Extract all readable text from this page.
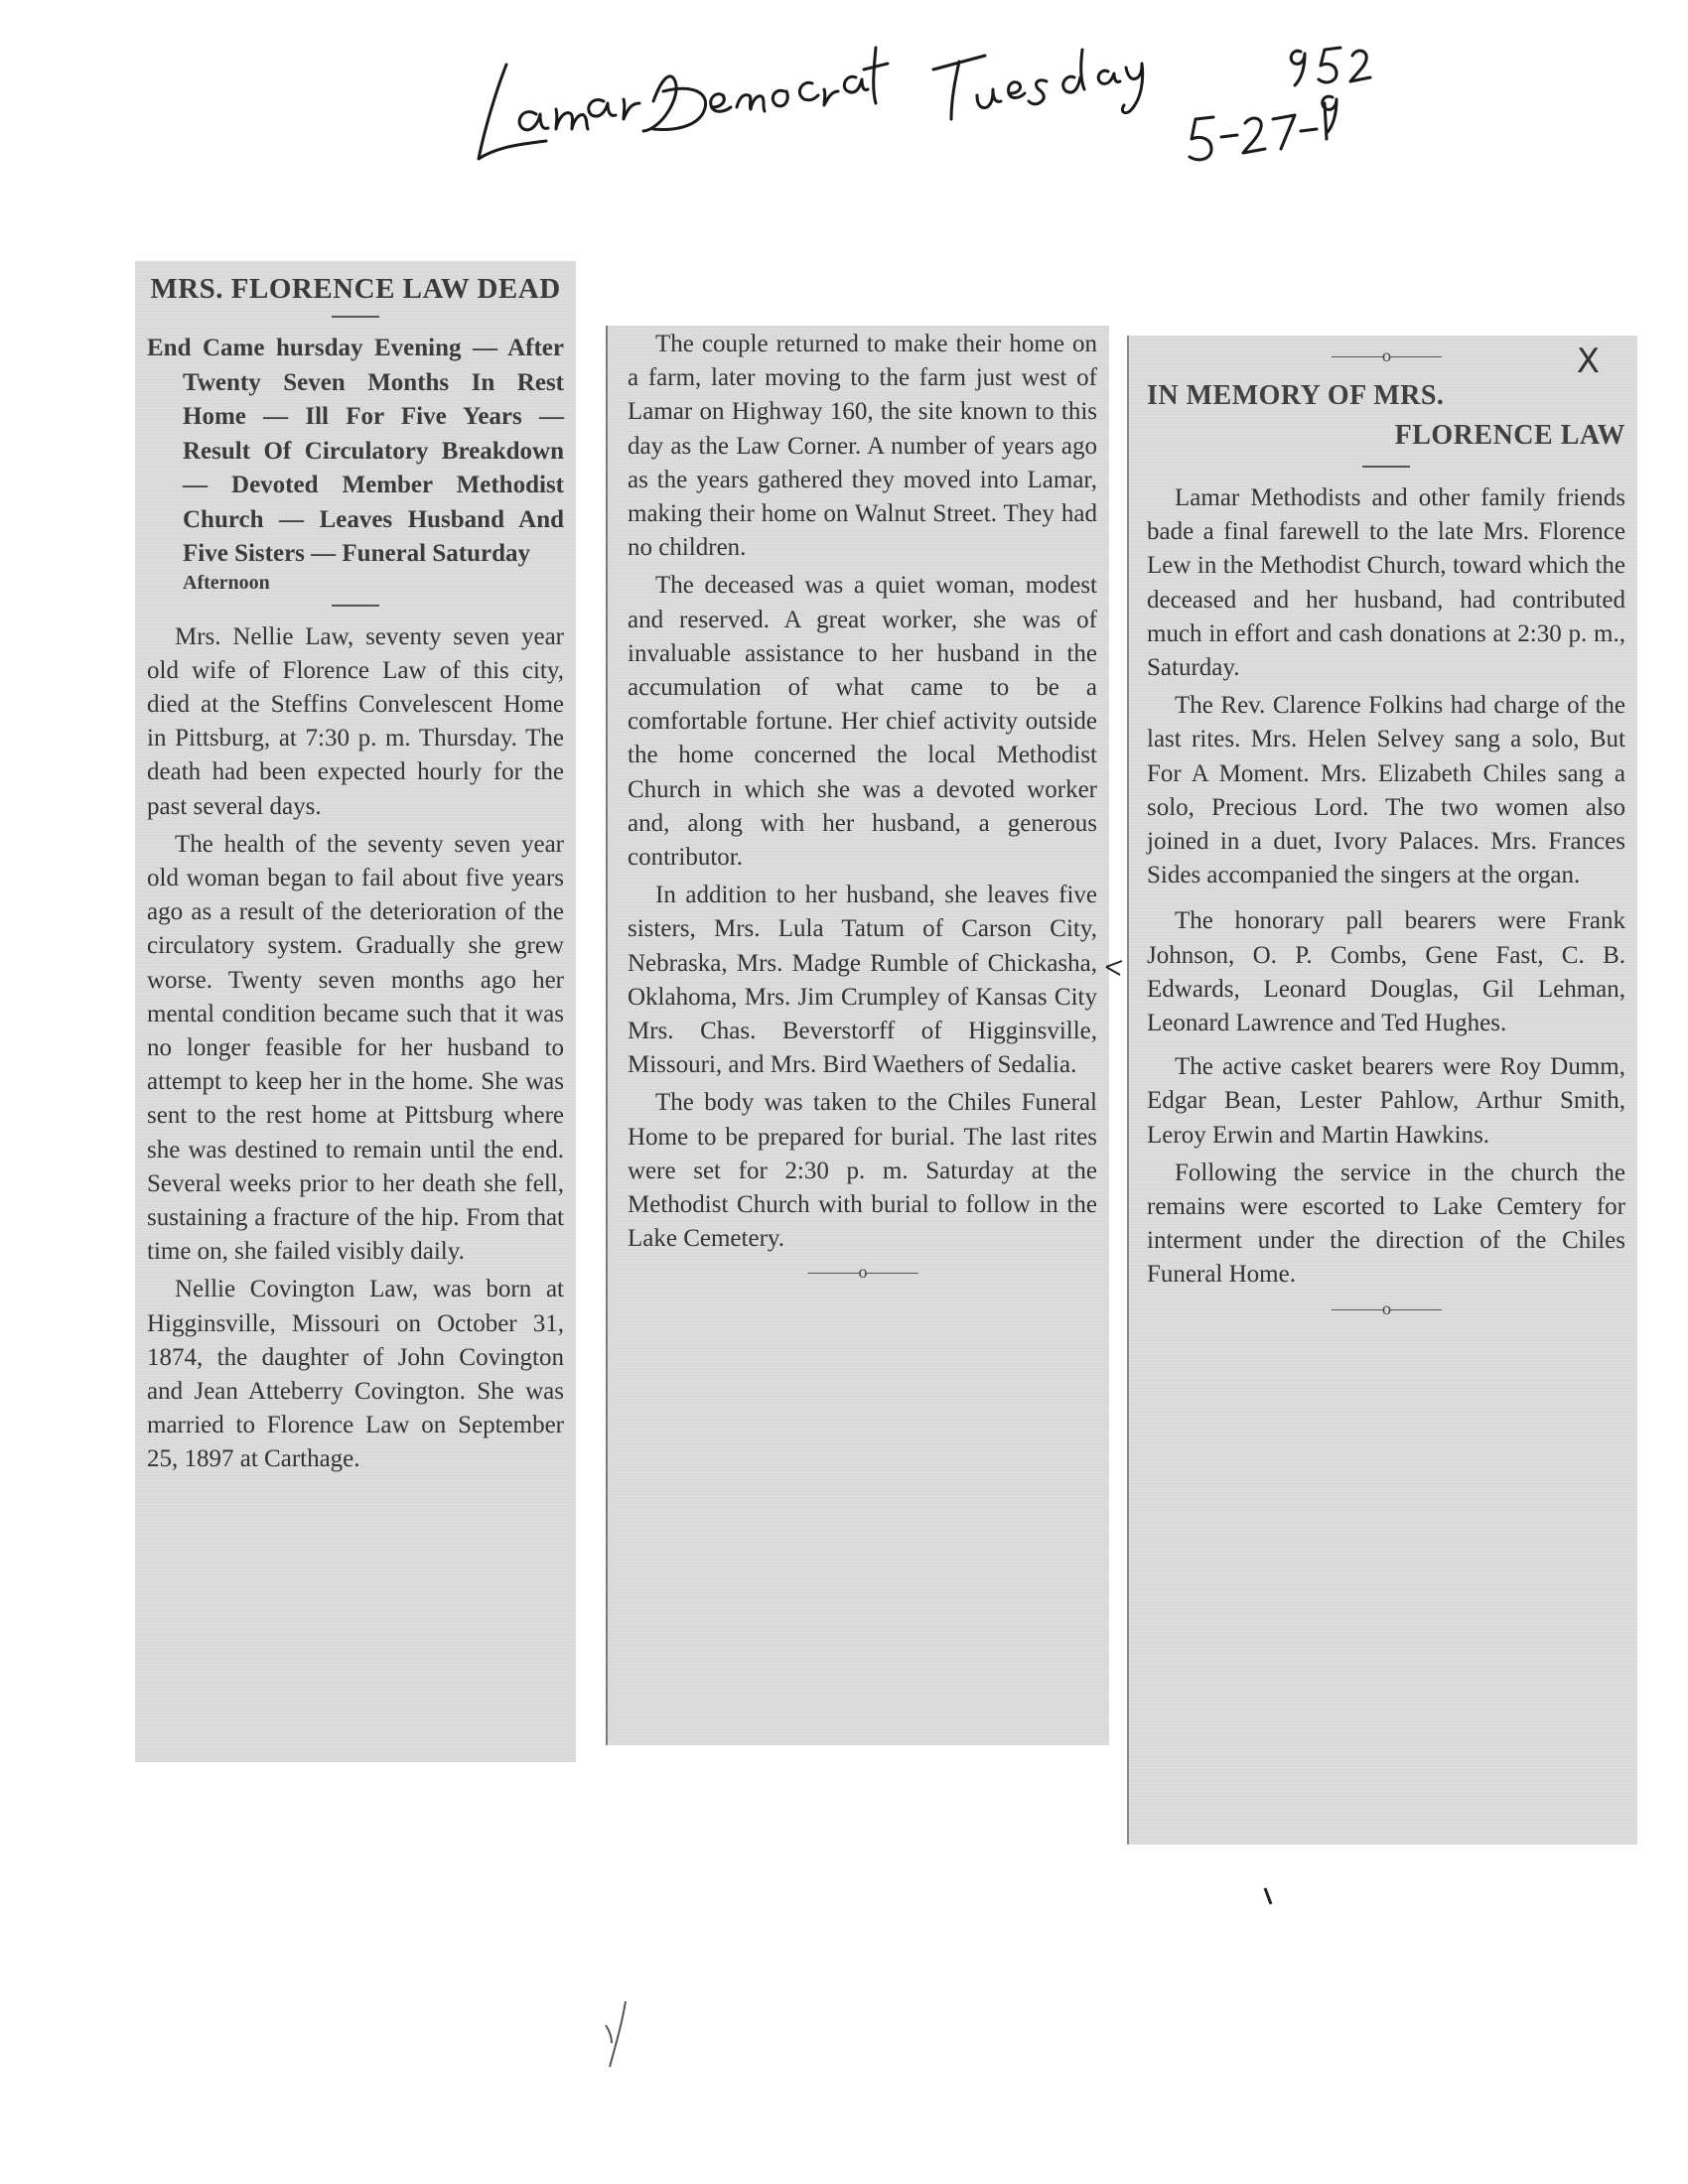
MRS. FLORENCE LAW DEAD
End Came hursday Evening — After Twenty Seven Months In Rest Home — Ill For Five Years — Result Of Circulatory Breakdown — Devoted Member Methodist Church — Leaves Husband And Five Sisters — Funeral Saturday
Afternoon

Mrs. Nellie Law, seventy seven year old wife of Florence Law of this city, died at the Steffins Convelescent Home in Pittsburg, at 7:30 p. m. Thursday. The death had been expected hourly for the past several days.

The health of the seventy seven year old woman began to fail about five years ago as a result of the deterioration of the circulatory system. Gradually she grew worse. Twenty seven months ago her mental condition became such that it was no longer feasible for her husband to attempt to keep her in the home. She was sent to the rest home at Pittsburg where she was destined to remain until the end. Several weeks prior to her death she fell, sustaining a fracture of the hip. From that time on, she failed visibly daily.

Nellie Covington Law, was born at Higginsville, Missouri on October 31, 1874, the daughter of John Covington and Jean Atteberry Covington. She was married to Florence Law on September 25, 1897 at Carthage.

The couple returned to make their home on a farm, later moving to the farm just west of Lamar on Highway 160, the site known to this day as the Law Corner. A number of years ago as the years gathered they moved into Lamar, making their home on Walnut Street. They had no children.

The deceased was a quiet woman, modest and reserved. A great worker, she was of invaluable assistance to her husband in the accumulation of what came to be a comfortable fortune. Her chief activity outside the home concerned the local Methodist Church in which she was a devoted worker and, along with her husband, a generous contributor.

In addition to her husband, she leaves five sisters, Mrs. Lula Tatum of Carson City, Nebraska, Mrs. Madge Rumble of Chickasha, Oklahoma, Mrs. Jim Crumpley of Kansas City Mrs. Chas. Beverstorff of Higginsville, Missouri, and Mrs. Bird Waethers of Sedalia.

The body was taken to the Chiles Funeral Home to be prepared for burial. The last rites were set for 2:30 p. m. Saturday at the Methodist Church with burial to follow in the Lake Cemetery.

———o———
———o———	X
IN MEMORY OF MRS.
FLORENCE LAW

Lamar Methodists and other family friends bade a final farewell to the late Mrs. Florence Lew in the Methodist Church, toward which the deceased and her husband, had contributed much in effort and cash donations at 2:30 p. m., Saturday.

The Rev. Clarence Folkins had charge of the last rites. Mrs. Helen Selvey sang a solo, But For A Moment. Mrs. Elizabeth Chiles sang a solo, Precious Lord. The two women also joined in a duet, Ivory Palaces. Mrs. Frances Sides accompanied the singers at the organ.

The honorary pall bearers were Frank Johnson, O. P. Combs, Gene Fast, C. B. Edwards, Leonard Douglas, Gil Lehman, Leonard Lawrence and Ted Hughes.

The active casket bearers were Roy Dumm, Edgar Bean, Lester Pahlow, Arthur Smith, Leroy Erwin and Martin Hawkins.

Following the service in the church the remains were escorted to Lake Cemtery for interment under the direction of the Chiles Funeral Home.

———o———
